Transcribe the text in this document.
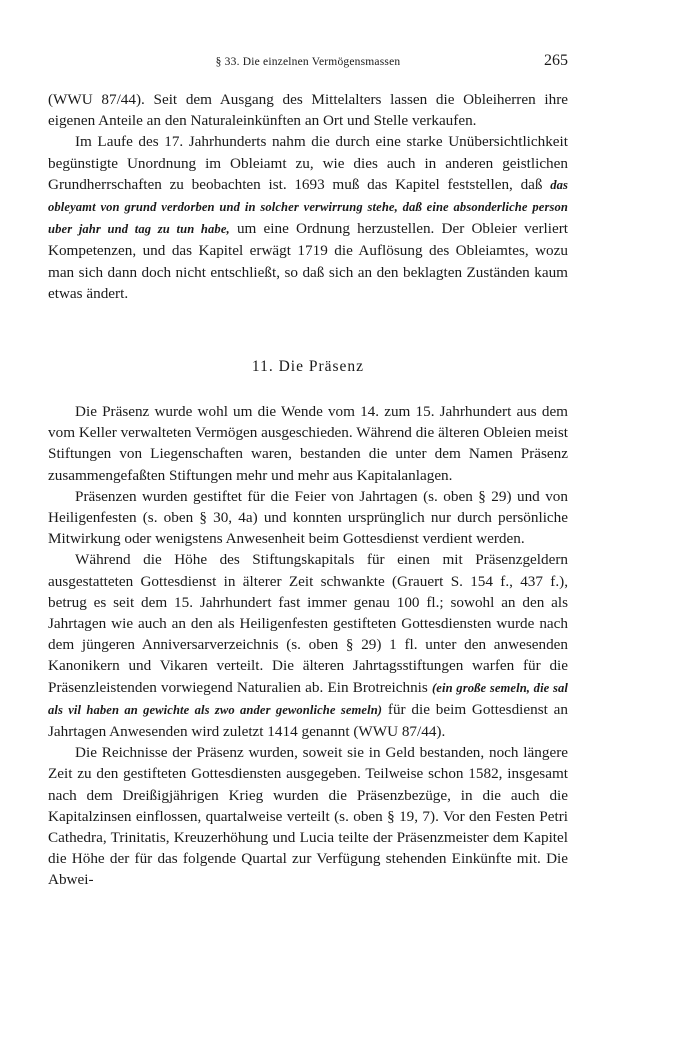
§ 33. Die einzelnen Vermögensmassen	265

(WWU 87/44). Seit dem Ausgang des Mittelalters lassen die Obleiherren ihre eigenen Anteile an den Naturaleinkünften an Ort und Stelle verkaufen.

Im Laufe des 17. Jahrhunderts nahm die durch eine starke Unübersichtlichkeit begünstigte Unordnung im Obleiamt zu, wie dies auch in anderen geistlichen Grundherrschaften zu beobachten ist. 1693 muß das Kapitel feststellen, daß das obleyamt von grund verdorben und in solcher verwirrung stehe, daß eine absonderliche person uber jahr und tag zu tun habe, um eine Ordnung herzustellen. Der Obleier verliert Kompetenzen, und das Kapitel erwägt 1719 die Auflösung des Obleiamtes, wozu man sich dann doch nicht entschließt, so daß sich an den beklagten Zuständen kaum etwas ändert.

11. Die Präsenz

Die Präsenz wurde wohl um die Wende vom 14. zum 15. Jahrhundert aus dem vom Keller verwalteten Vermögen ausgeschieden. Während die älteren Obleien meist Stiftungen von Liegenschaften waren, bestanden die unter dem Namen Präsenz zusammengefaßten Stiftungen mehr und mehr aus Kapitalanlagen.

Präsenzen wurden gestiftet für die Feier von Jahrtagen (s. oben § 29) und von Heiligenfesten (s. oben § 30, 4a) und konnten ursprünglich nur durch persönliche Mitwirkung oder wenigstens Anwesenheit beim Gottesdienst verdient werden.

Während die Höhe des Stiftungskapitals für einen mit Präsenzgeldern ausgestatteten Gottesdienst in älterer Zeit schwankte (Grauert S. 154 f., 437 f.), betrug es seit dem 15. Jahrhundert fast immer genau 100 fl.; sowohl an den als Jahrtagen wie auch an den als Heiligenfesten gestifteten Gottesdiensten wurde nach dem jüngeren Anniversarverzeichnis (s. oben § 29) 1 fl. unter den anwesenden Kanonikern und Vikaren verteilt. Die älteren Jahrtagsstiftungen warfen für die Präsenzleistenden vorwiegend Naturalien ab. Ein Brotreichnis (ein große semeln, die sal als vil haben an gewichte als zwo ander gewonliche semeln) für die beim Gottesdienst an Jahrtagen Anwesenden wird zuletzt 1414 genannt (WWU 87/44).

Die Reichnisse der Präsenz wurden, soweit sie in Geld bestanden, noch längere Zeit zu den gestifteten Gottesdiensten ausgegeben. Teilweise schon 1582, insgesamt nach dem Dreißigjährigen Krieg wurden die Präsenzbezüge, in die auch die Kapitalzinsen einflossen, quartalweise verteilt (s. oben § 19, 7). Vor den Festen Petri Cathedra, Trinitatis, Kreuzerhöhung und Lucia teilte der Präsenzmeister dem Kapitel die Höhe der für das folgende Quartal zur Verfügung stehenden Einkünfte mit. Die Abwei-
